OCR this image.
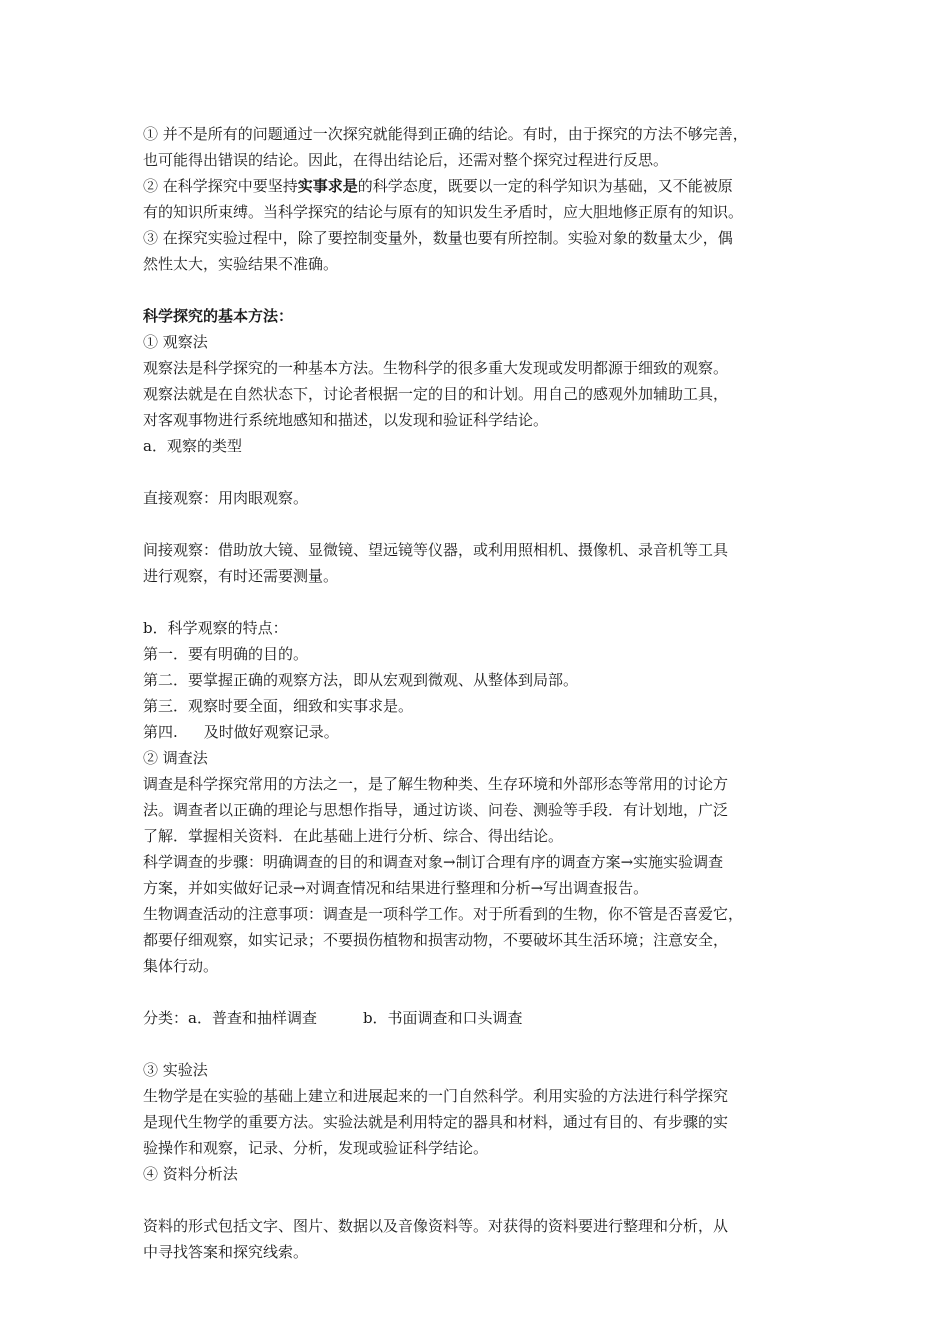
① 并不是所有的问题通过一次探究就能得到正确的结论。有时，由于探究的方法不够完善，
也可能得出错误的结论。因此，在得出结论后，还需对整个探究过程进行反思。
② 在科学探究中要坚持实事求是的科学态度，既要以一定的科学知识为基础，又不能被原
有的知识所束缚。当科学探究的结论与原有的知识发生矛盾时，应大胆地修正原有的知识。
③ 在探究实验过程中，除了要控制变量外，数量也要有所控制。实验对象的数量太少，偶
然性太大，实验结果不准确。
科学探究的基本方法：
① 观察法
观察法是科学探究的一种基本方法。生物科学的很多重大发现或发明都源于细致的观察。
观察法就是在自然状态下，讨论者根据一定的目的和计划。用自己的感观外加辅助工具，
对客观事物进行系统地感知和描述，以发现和验证科学结论。
a．观察的类型
直接观察：用肉眼观察。
间接观察：借助放大镜、显微镜、望远镜等仪器，或利用照相机、摄像机、录音机等工具
进行观察，有时还需要测量。
b．科学观察的特点：
第一．要有明确的目的。
第二．要掌握正确的观察方法，即从宏观到微观、从整体到局部。
第三．观察时要全面，细致和实事求是。
第四. 及时做好观察记录。
② 调查法
调查是科学探究常用的方法之一，是了解生物种类、生存环境和外部形态等常用的讨论方
法。调查者以正确的理论与思想作指导，通过访谈、问卷、测验等手段．有计划地，广泛
了解．掌握相关资料．在此基础上进行分析、综合、得出结论。
科学调查的步骤：明确调查的目的和调查对象→制订合理有序的调查方案→实施实验调查
方案，并如实做好记录→对调查情况和结果进行整理和分析→写出调查报告。
生物调查活动的注意事项：调查是一项科学工作。对于所看到的生物，你不管是否喜爱它，
都要仔细观察，如实记录；不要损伤植物和损害动物，不要破坏其生活环境；注意安全，
集体行动。
分类：a．普查和抽样调查	b．书面调查和口头调查
③ 实验法
生物学是在实验的基础上建立和进展起来的一门自然科学。利用实验的方法进行科学探究
是现代生物学的重要方法。实验法就是利用特定的器具和材料，通过有目的、有步骤的实
验操作和观察，记录、分析，发现或验证科学结论。
④ 资料分析法
资料的形式包括文字、图片、数据以及音像资料等。对获得的资料要进行整理和分析，从
中寻找答案和探究线索。
